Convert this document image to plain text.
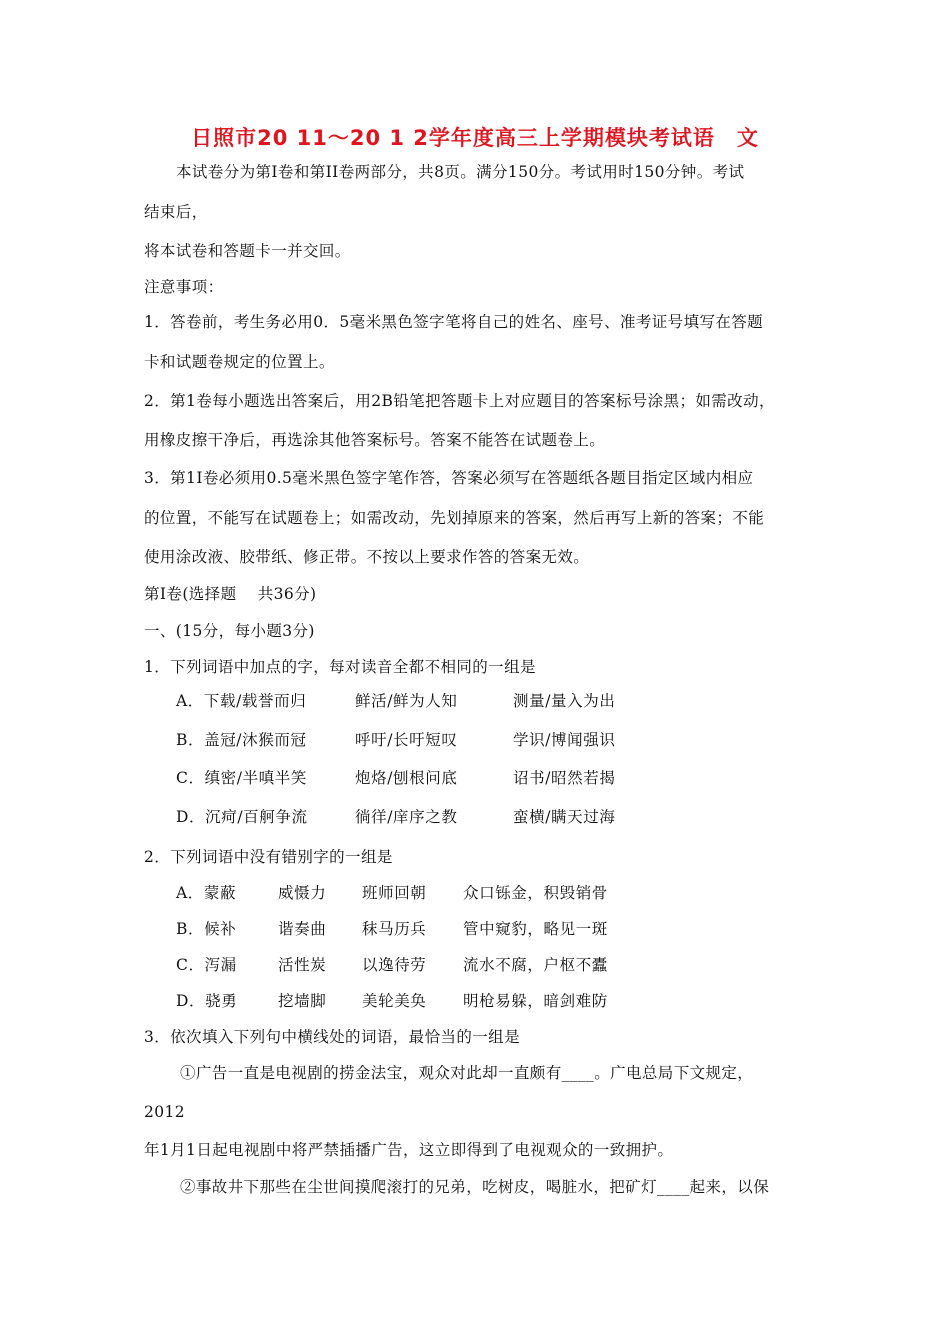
日照市20 11～20 1 2学年度高三上学期模块考试语　文
本试卷分为第Ⅰ卷和第II卷两部分，共8页。满分150分。考试用时150分钟。考试
结束后，
将本试卷和答题卡一并交回。
注意事项：
1．答卷前，考生务必用0．5毫米黑色签字笔将自己的姓名、座号、准考证号填写在答题
卡和试题卷规定的位置上。
2．第1卷每小题选出答案后，用2B铅笔把答题卡上对应题目的答案标号涂黑；如需改动，
用橡皮擦干净后，再选涂其他答案标号。答案不能答在试题卷上。
3．第1I卷必须用0.5毫米黑色签字笔作答，答案必须写在答题纸各题目指定区域内相应
的位置，不能写在试题卷上；如需改动，先划掉原来的答案，然后再写上新的答案；不能
使用涂改液、胶带纸、修正带。不按以上要求作答的答案无效。
第Ⅰ卷(选择题　 共36分)
一、(15分，每小题3分)
1．下列词语中加点的字，每对读音全都不相同的一组是
A．下载/载誉而归	鲜活/鲜为人知	测量/量入为出
B．盖冠/沐猴而冠	呼吁/长吁短叹	学识/博闻强识
C．缜密/半嗔半笑	炮烙/刨根问底	诏书/昭然若揭
D．沉疴/百舸争流	徜徉/庠序之教	蛮横/瞒天过海
2．下列词语中没有错别字的一组是
A．蒙蔽	威慑力 班师回朝 众口铄金，积毁销骨
B．候补	谐奏曲 秣马历兵 管中窥豹，略见一斑
C．泻漏	活性炭 以逸待劳 流水不腐，户枢不蠹
D．骁勇	挖墙脚 美轮美奂 明枪易躲，暗剑难防
3．依次填入下列句中横线处的词语，最恰当的一组是
①广告一直是电视剧的捞金法宝，观众对此却一直颇有____。广电总局下文规定，
2012
年1月1日起电视剧中将严禁插播广告，这立即得到了电视观众的一致拥护。
②事故井下那些在尘世间摸爬滚打的兄弟，吃树皮，喝脏水，把矿灯____起来，以保
